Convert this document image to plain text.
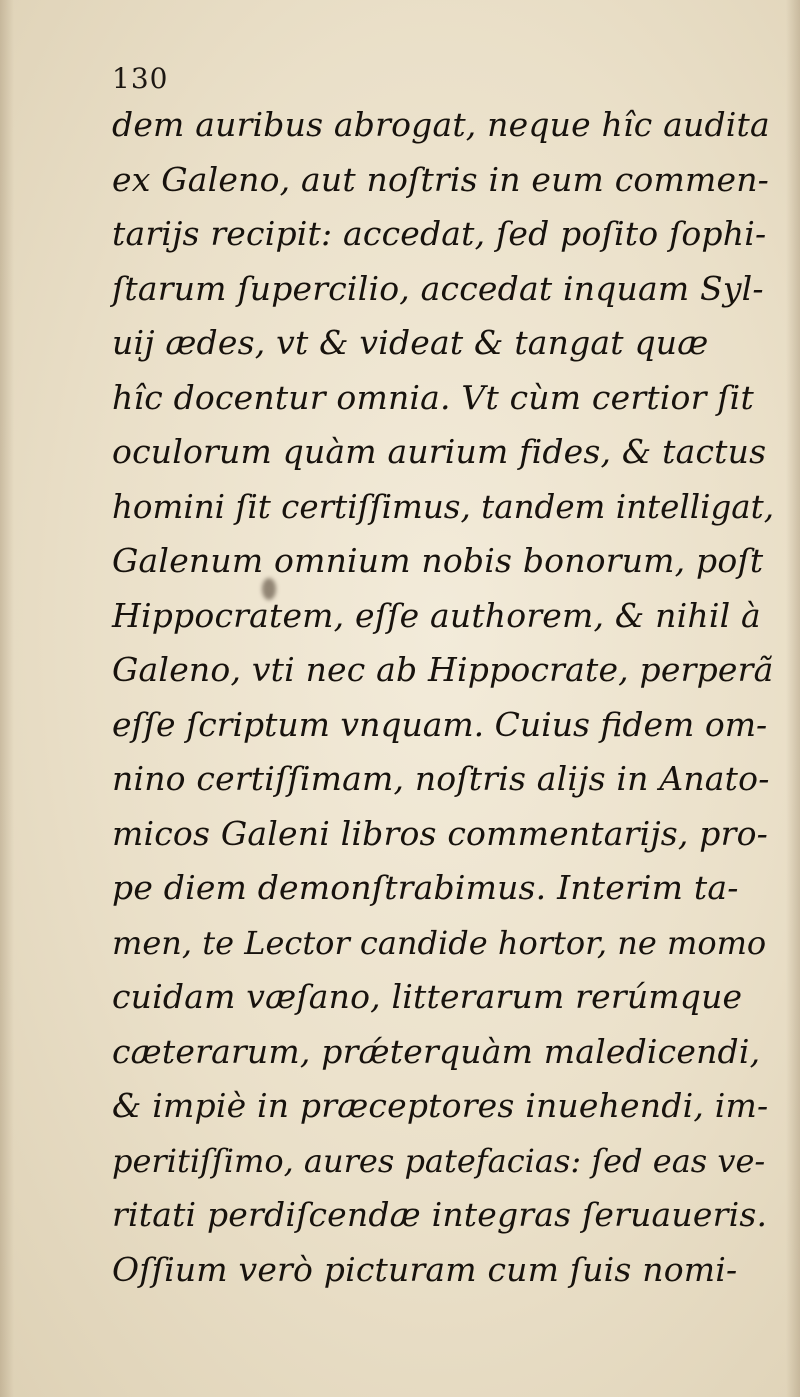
130
dem auribus abrogat, neque hîc audita
ex Galeno, aut noſtris in eum commen-
tarijs recipit: accedat, ſed poſito ſophi-
ſtarum ſupercilio, accedat inquam Syl-
uij ædes, vt & videat & tangat quæ
hîc docentur omnia. Vt cùm certior ſit
oculorum quàm aurium fides, & tactus
homini ſit certiſſimus, tandem intelligat,
Galenum omnium nobis bonorum, poſt
Hippocratem, eſſe authorem, & nihil à
Galeno, vti nec ab Hippocrate, perperã
eſſe ſcriptum vnquam. Cuius fidem om-
nino certiſſimam, noſtris alijs in Anato-
micos Galeni libros commentarijs, pro-
pe diem demonſtrabimus. Interim ta-
men, te Lector candide hortor, ne momo
cuidam væſano, litterarum rerúmque
cæterarum, prǽterquàm maledicendi,
& impiè in præceptores inuehendi, im-
peritiſſimo, aures patefacias: ſed eas ve-
ritati perdiſcendæ integras ſeruaueris.
Oſſium verò picturam cum ſuis nomi-
